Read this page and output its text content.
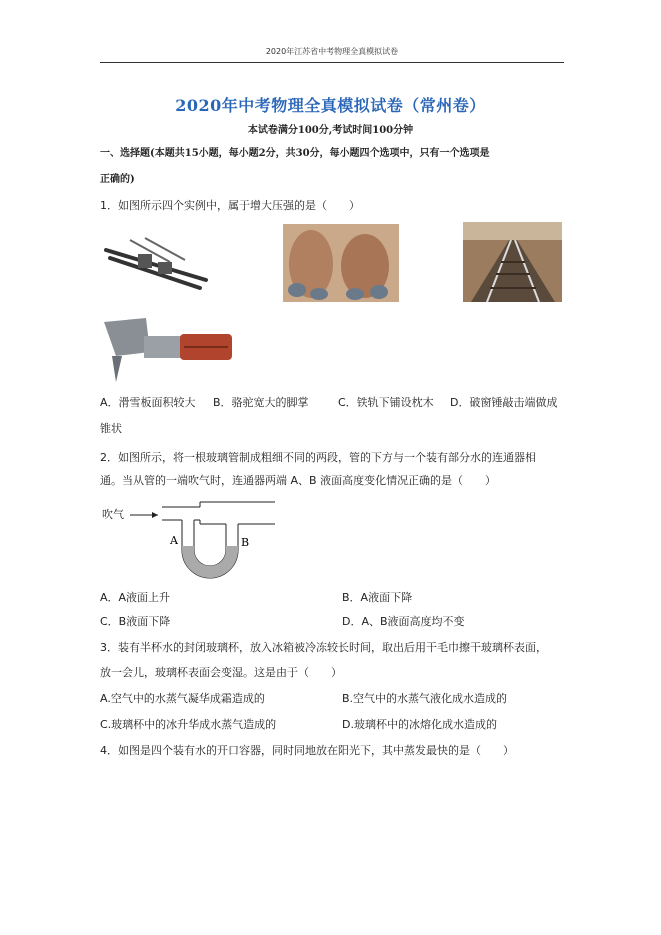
2020年江苏省中考物理全真模拟试卷
2020年中考物理全真模拟试卷（常州卷）
本试卷满分100分,考试时间100分钟
一、选择题(本题共15小题，每小题2分，共30分，每小题四个选项中，只有一个选项是
正确的)
1．如图所示四个实例中，属于增大压强的是（　　）
A．滑雪板面积较大 B．骆驼宽大的脚掌	C．铁轨下铺设枕木 D．破窗锤敲击端做成
锥状
2．如图所示，将一根玻璃管制成粗细不同的两段，管的下方与一个装有部分水的连通器相
通。当从管的一端吹气时，连通器两端 A、B 液面高度变化情况正确的是（　　）
吹气
A	B
A．A液面上升	B．A液面下降
C．B液面下降	D．A、B液面高度均不变
3．装有半杯水的封闭玻璃杯，放入冰箱被冷冻较长时间，取出后用干毛巾擦干玻璃杯表面，
放一会儿，玻璃杯表面会变湿。这是由于（　　）
A.空气中的水蒸气凝华成霜造成的	B.空气中的水蒸气液化成水造成的
C.玻璃杯中的冰升华成水蒸气造成的	D.玻璃杯中的冰熔化成水造成的
4．如图是四个装有水的开口容器，同时同地放在阳光下，其中蒸发最快的是（　　）
